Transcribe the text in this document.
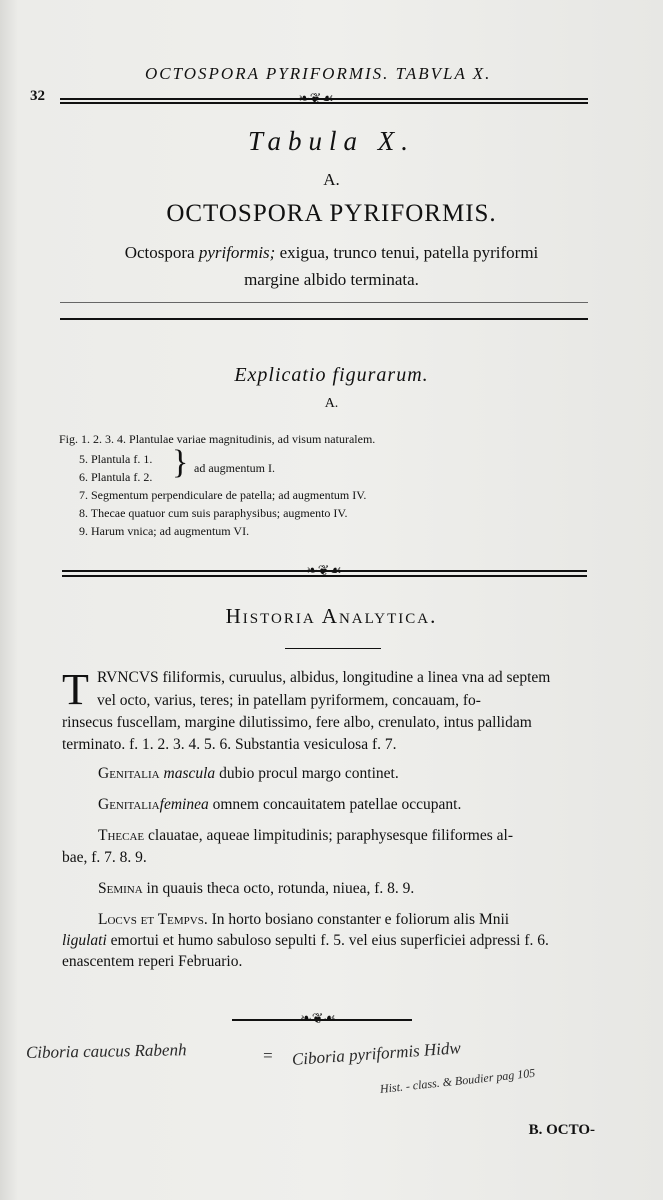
32
OCTOSPORA PYRIFORMIS. TABVLA X.
❧❦☙
Tabula X.
A.
OCTOSPORA PYRIFORMIS.
Octospora pyriformis; exigua, trunco tenui, patella pyriformi
margine albido terminata.
Explicatio figurarum.
A.
Fig. 1. 2. 3. 4. Plantulae variae magnitudinis, ad visum naturalem.
5. Plantula f. 1.
6. Plantula f. 2. } ad augmentum I.
7. Segmentum perpendiculare de patella; ad augmentum IV.
8. Thecae quatuor cum suis paraphysibus; augmento IV.
9. Harum vnica; ad augmentum VI.
❧❦☙
Historia Analytica.
T RVNCVS filiformis, curuulus, albidus, longitudine a linea vna ad septem
vel octo, varius, teres; in patellam pyriformem, concauam, fo-
rinsecus fuscellam, margine dilutissimo, fere albo, crenulato, intus pallidam
terminato. f. 1. 2. 3. 4. 5. 6. Substantia vesiculosa f. 7.
Genitalia mascula dubio procul margo continet.
Genitaliafeminea omnem concauitatem patellae occupant.
Thecae clauatae, aqueae limpitudinis; paraphysesque filiformes al-
bae, f. 7. 8. 9.
Semina in quauis theca octo, rotunda, niuea, f. 8. 9.
Locvs et Tempvs. In horto bosiano constanter e foliorum alis Mnii
ligulati emortui et humo sabuloso sepulti f. 5. vel eius superficiei adpressi f. 6.
enascentem reperi Februario.
❧❦☙
Ciboria caucus Rabenh	= Ciboria pyriformis Hidw
Hist. - class. & Boudier pag 105
B. OCTO-
